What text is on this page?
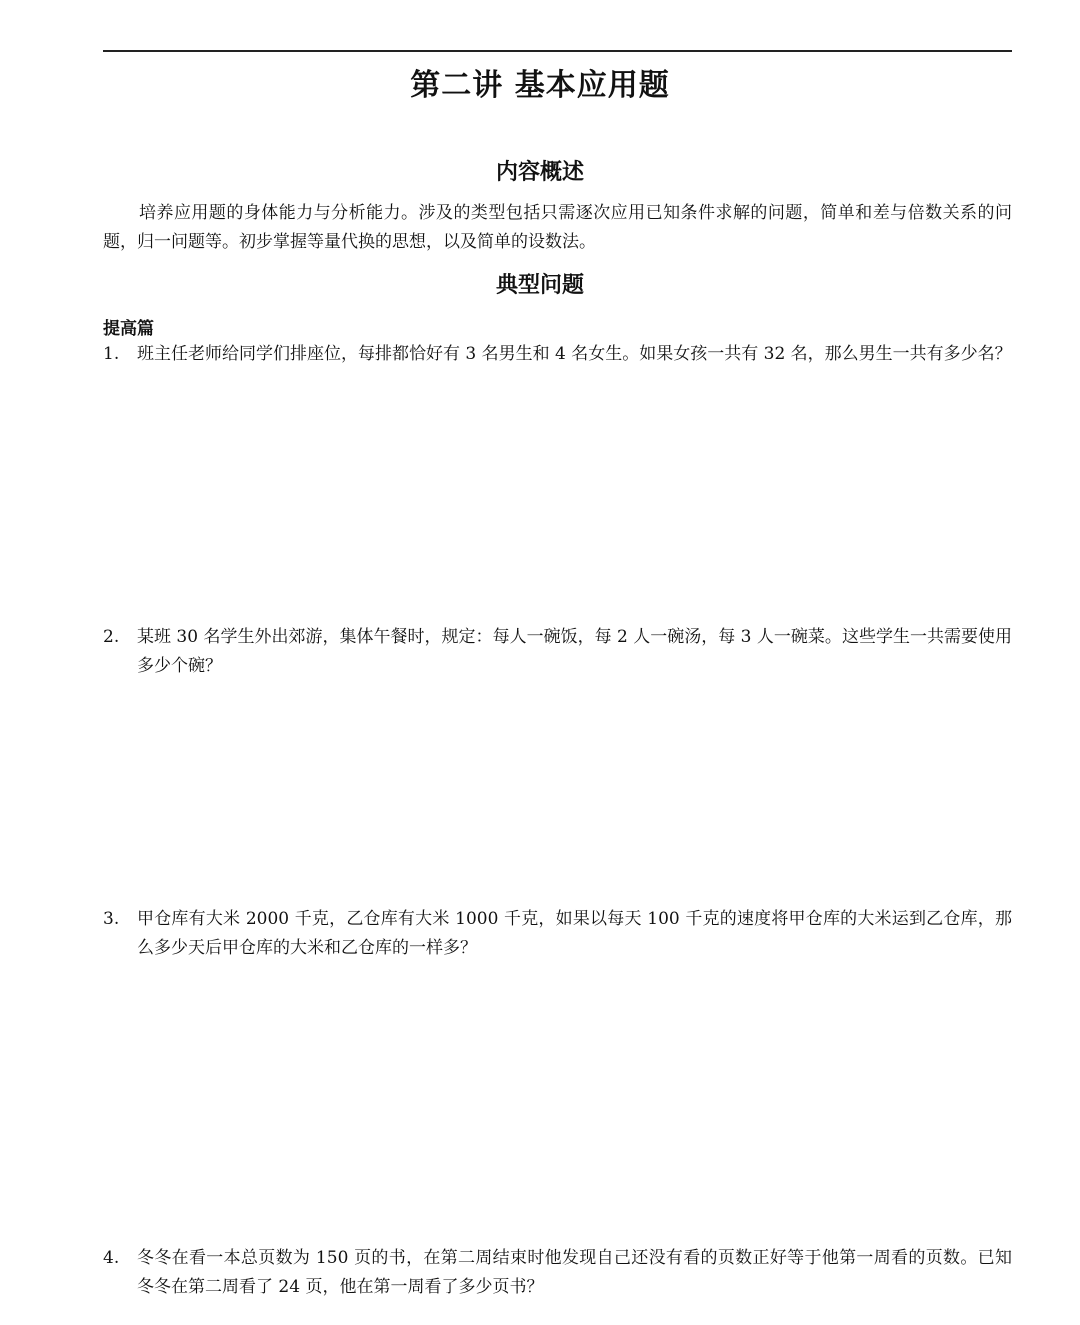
第二讲 基本应用题
内容概述
培养应用题的身体能力与分析能力。涉及的类型包括只需逐次应用已知条件求解的问题，简单和差与倍数关系的问题，归一问题等。初步掌握等量代换的思想，以及简单的设数法。
典型问题
提高篇
1.	班主任老师给同学们排座位，每排都恰好有 3 名男生和 4 名女生。如果女孩一共有 32 名，那么男生一共有多少名？
2.	某班 30 名学生外出郊游，集体午餐时，规定：每人一碗饭，每 2 人一碗汤，每 3 人一碗菜。这些学生一共需要使用多少个碗？
3.	甲仓库有大米 2000 千克，乙仓库有大米 1000 千克，如果以每天 100 千克的速度将甲仓库的大米运到乙仓库，那么多少天后甲仓库的大米和乙仓库的一样多？
4.	冬冬在看一本总页数为 150 页的书，在第二周结束时他发现自己还没有看的页数正好等于他第一周看的页数。已知冬冬在第二周看了 24 页，他在第一周看了多少页书？
